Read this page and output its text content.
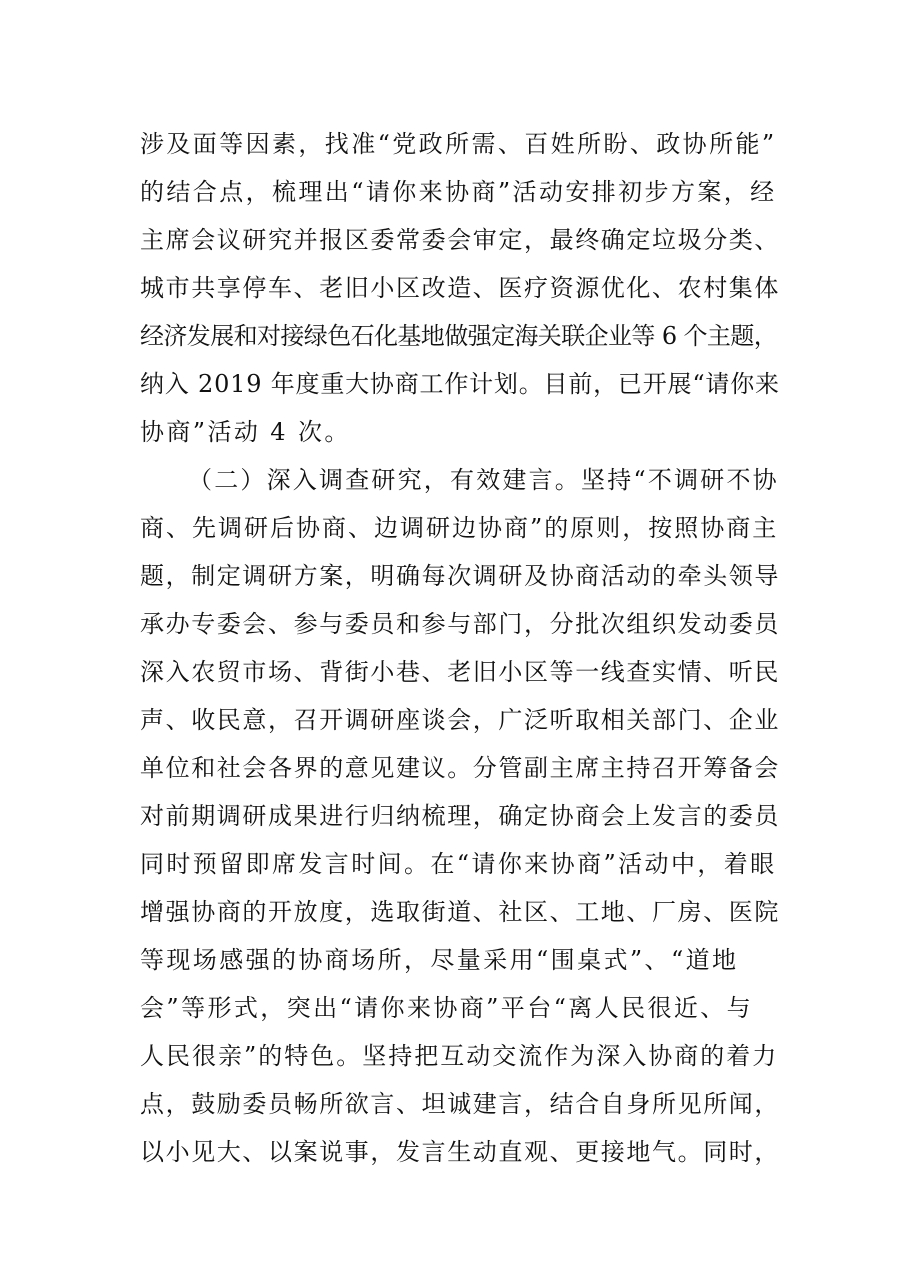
涉及面等因素，找准“党政所需、百姓所盼、政协所能”
的结合点，梳理出“请你来协商”活动安排初步方案，经
主席会议研究并报区委常委会审定，最终确定垃圾分类、
城市共享停车、老旧小区改造、医疗资源优化、农村集体
经济发展和对接绿色石化基地做强定海关联企业等 6 个主题，
纳入 2019 年度重大协商工作计划。目前，已开展“请你来
协商”活动 4 次。
（二）深入调查研究，有效建言。坚持“不调研不协
商、先调研后协商、边调研边协商”的原则，按照协商主
题，制定调研方案，明确每次调研及协商活动的牵头领导
承办专委会、参与委员和参与部门，分批次组织发动委员
深入农贸市场、背街小巷、老旧小区等一线查实情、听民
声、收民意，召开调研座谈会，广泛听取相关部门、企业
单位和社会各界的意见建议。分管副主席主持召开筹备会
对前期调研成果进行归纳梳理，确定协商会上发言的委员
同时预留即席发言时间。在“请你来协商”活动中，着眼
增强协商的开放度，选取街道、社区、工地、厂房、医院
等现场感强的协商场所，尽量采用“围桌式”、“道地
会”等形式，突出“请你来协商”平台“离人民很近、与
人民很亲”的特色。坚持把互动交流作为深入协商的着力
点，鼓励委员畅所欲言、坦诚建言，结合自身所见所闻，
以小见大、以案说事，发言生动直观、更接地气。同时，
